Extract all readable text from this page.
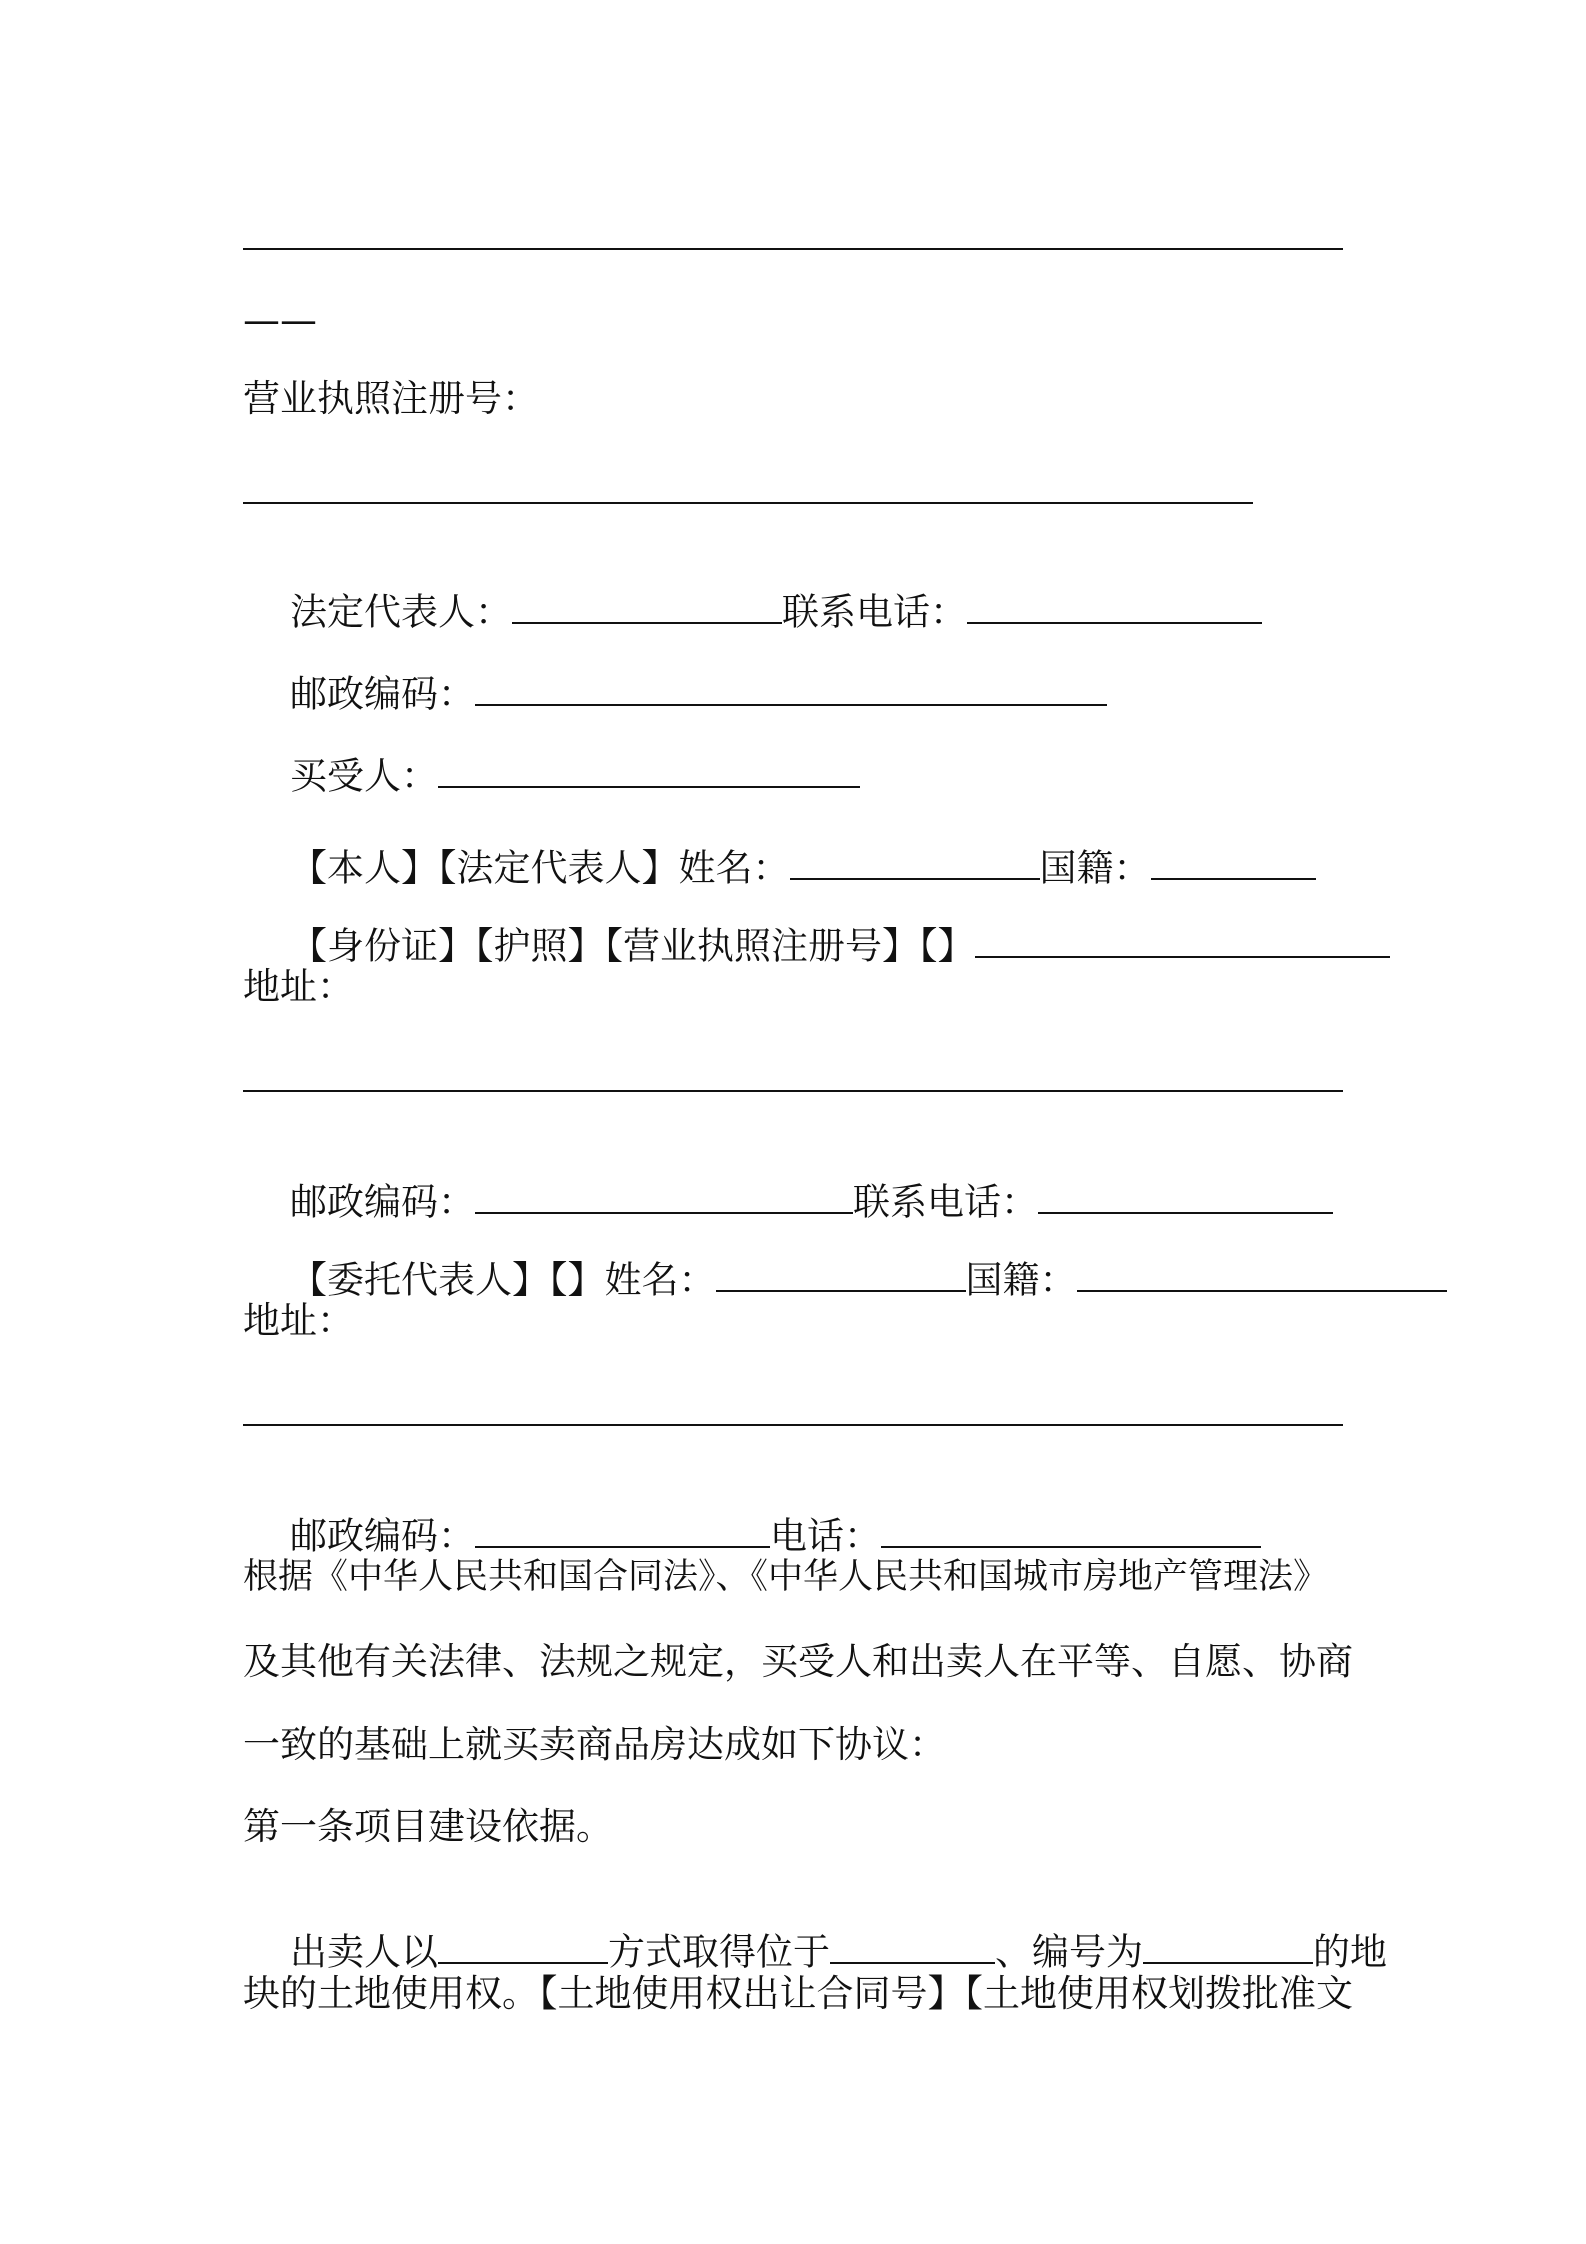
——
营业执照注册号：

法定代表人：	联系电话：

邮政编码：

买受人：

【本人】【法定代表人】姓名：	国籍：

【身份证】【护照】【营业执照注册号】【】

地址：

邮政编码：	联系电话：

【委托代表人】【】姓名：	国籍：

地址：

邮政编码：	电话：

根据《中华人民共和国合同法》、《中华人民共和国城市房地产管理法》
及其他有关法律、法规之规定，买受人和出卖人在平等、自愿、协商
一致的基础上就买卖商品房达成如下协议：
第一条项目建设依据。

出卖人以	方式取得位于	、编号为	的地

块的土地使用权。【土地使用权出让合同号】【土地使用权划拨批准文
